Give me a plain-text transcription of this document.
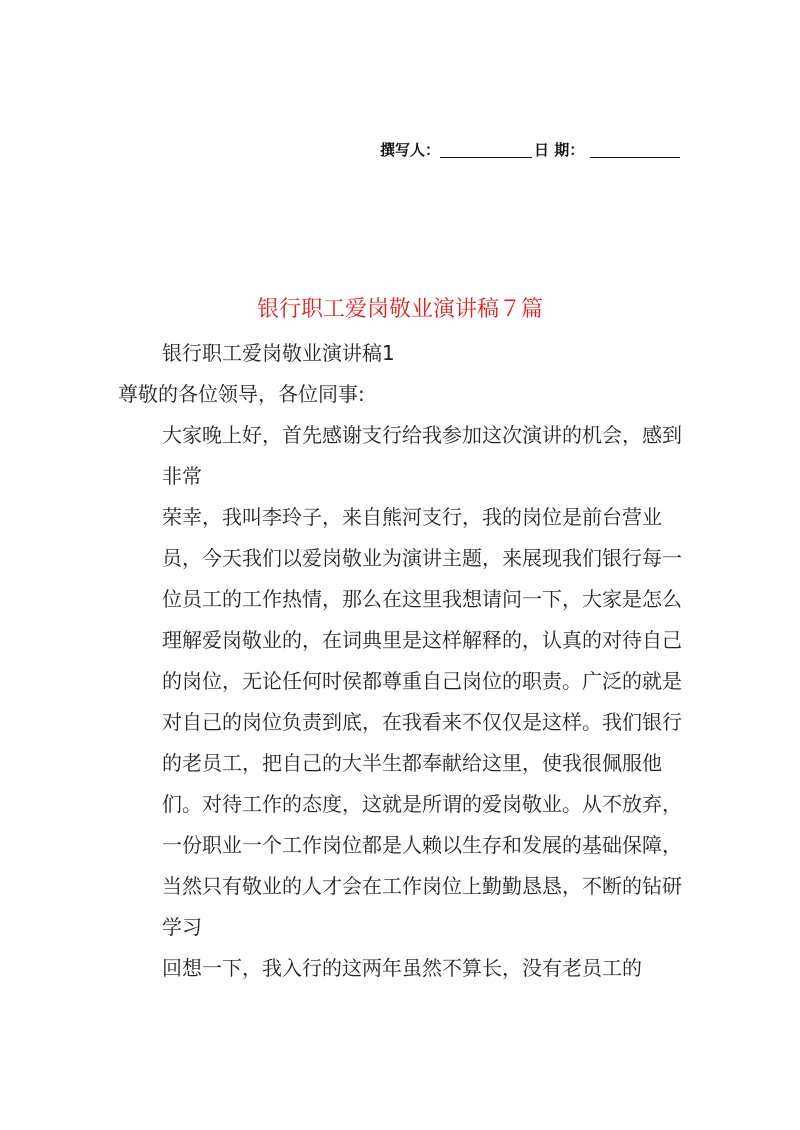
撰写人：	日 期：
银行职工爱岗敬业演讲稿７篇

银行职工爱岗敬业演讲稿1

尊敬的各位领导，各位同事:

大家晚上好，首先感谢支行给我参加这次演讲的机会，感到非常

荣幸，我叫李玲子，来自熊河支行，我的岗位是前台营业员，今天我们以爱岗敬业为演讲主题，来展现我们银行每一位员工的工作热情，那么在这里我想请问一下，大家是怎么理解爱岗敬业的，在词典里是这样解释的，认真的对待自己的岗位，无论任何时侯都尊重自己岗位的职责。广泛的就是对自己的岗位负责到底，在我看来不仅仅是这样。我们银行的老员工，把自己的大半生都奉献给这里，使我很佩服他们。对待工作的态度，这就是所谓的爱岗敬业。从不放弃，一份职业一个工作岗位都是人赖以生存和发展的基础保障，当然只有敬业的人才会在工作岗位上勤勤恳恳，不断的钻研学习

回想一下，我入行的这两年虽然不算长，没有老员工的
